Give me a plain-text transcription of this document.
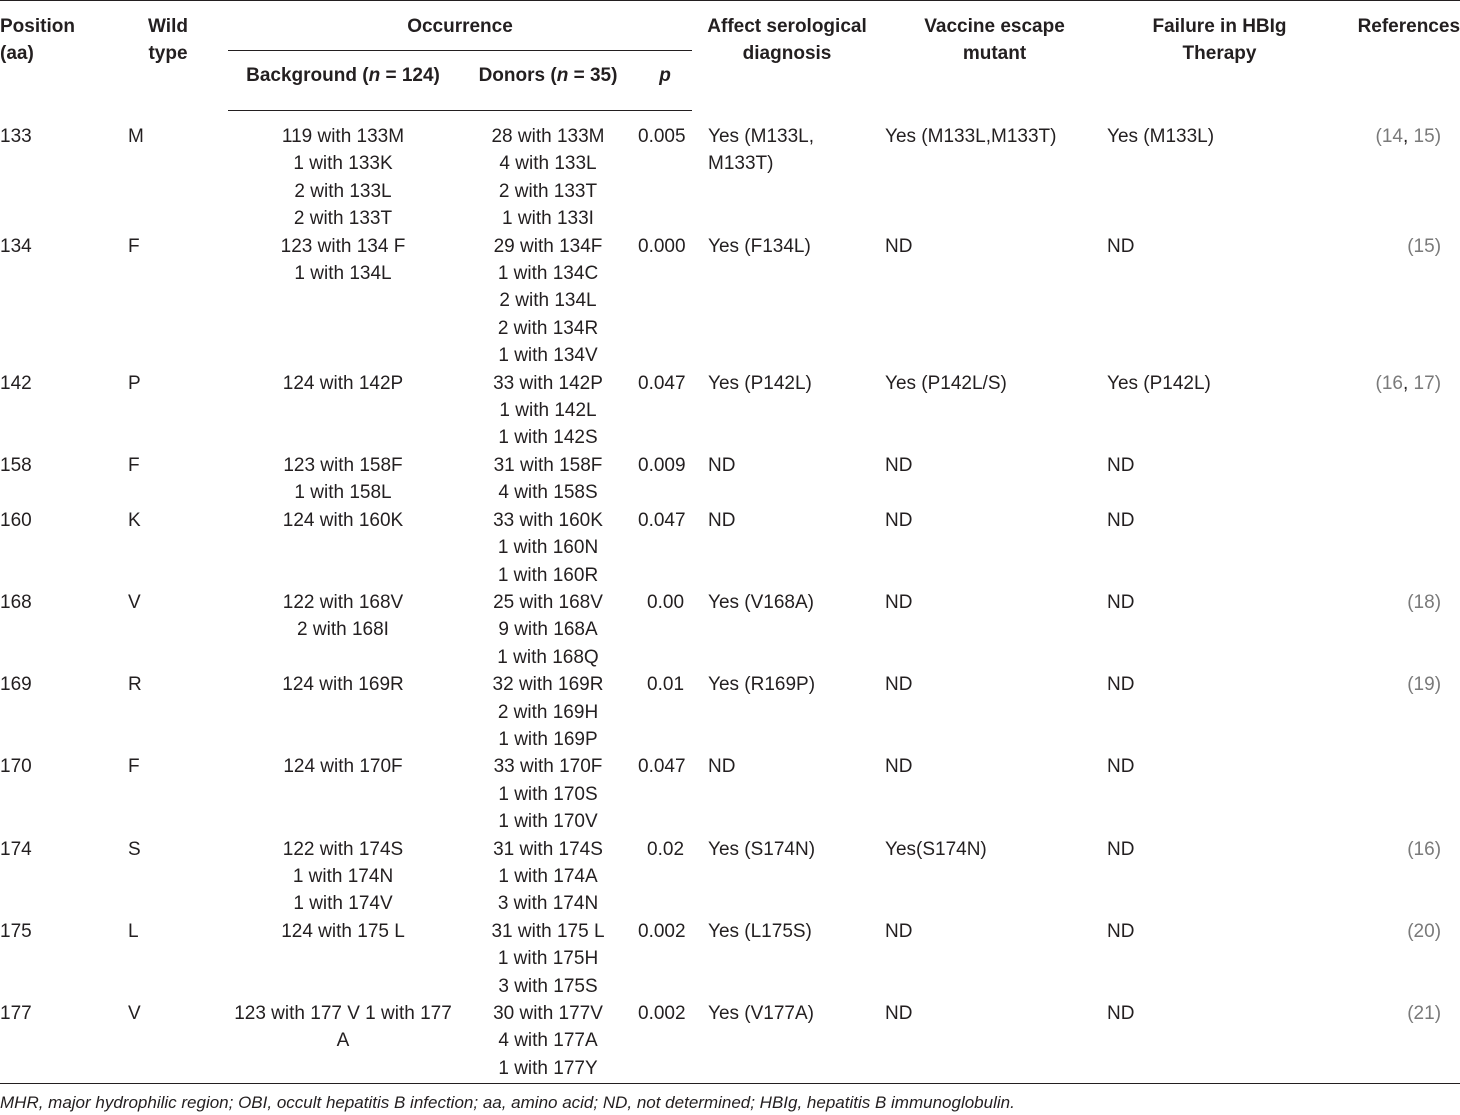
Position (aa)	Wild type	Occurrence			Affect serological diagnosis	Vaccine escape mutant	Failure in HBIg Therapy	References
		Background (n = 124)	Donors (n = 35)	p				
133	M	119 with 133M
1 with 133K
2 with 133L
2 with 133T	28 with 133M
4 with 133L
2 with 133T
1 with 133I	0.005	Yes (M133L,
M133T)	Yes (M133L,M133T)	Yes (M133L)	(14, 15)
134	F	123 with 134 F
1 with 134L	29 with 134F
1 with 134C
2 with 134L
2 with 134R
1 with 134V	0.000	Yes (F134L)	ND	ND	(15)
142	P	124 with 142P	33 with 142P
1 with 142L
1 with 142S	0.047	Yes (P142L)	Yes (P142L/S)	Yes (P142L)	(16, 17)
158	F	123 with 158F
1 with 158L	31 with 158F
4 with 158S	0.009	ND	ND	ND	
160	K	124 with 160K	33 with 160K
1 with 160N
1 with 160R	0.047	ND	ND	ND	
168	V	122 with 168V
2 with 168I	25 with 168V
9 with 168A
1 with 168Q	0.00	Yes (V168A)	ND	ND	(18)
169	R	124 with 169R	32 with 169R
2 with 169H
1 with 169P	0.01	Yes (R169P)	ND	ND	(19)
170	F	124 with 170F	33 with 170F
1 with 170S
1 with 170V	0.047	ND	ND	ND	
174	S	122 with 174S
1 with 174N
1 with 174V	31 with 174S
1 with 174A
3 with 174N	0.02	Yes (S174N)	Yes(S174N)	ND	(16)
175	L	124 with 175 L	31 with 175 L
1 with 175H
3 with 175S	0.002	Yes (L175S)	ND	ND	(20)
177	V	123 with 177 V 1 with 177
A	30 with 177V
4 with 177A
1 with 177Y	0.002	Yes (V177A)	ND	ND	(21)
MHR, major hydrophilic region; OBI, occult hepatitis B infection; aa, amino acid; ND, not determined; HBIg, hepatitis B immunoglobulin.
